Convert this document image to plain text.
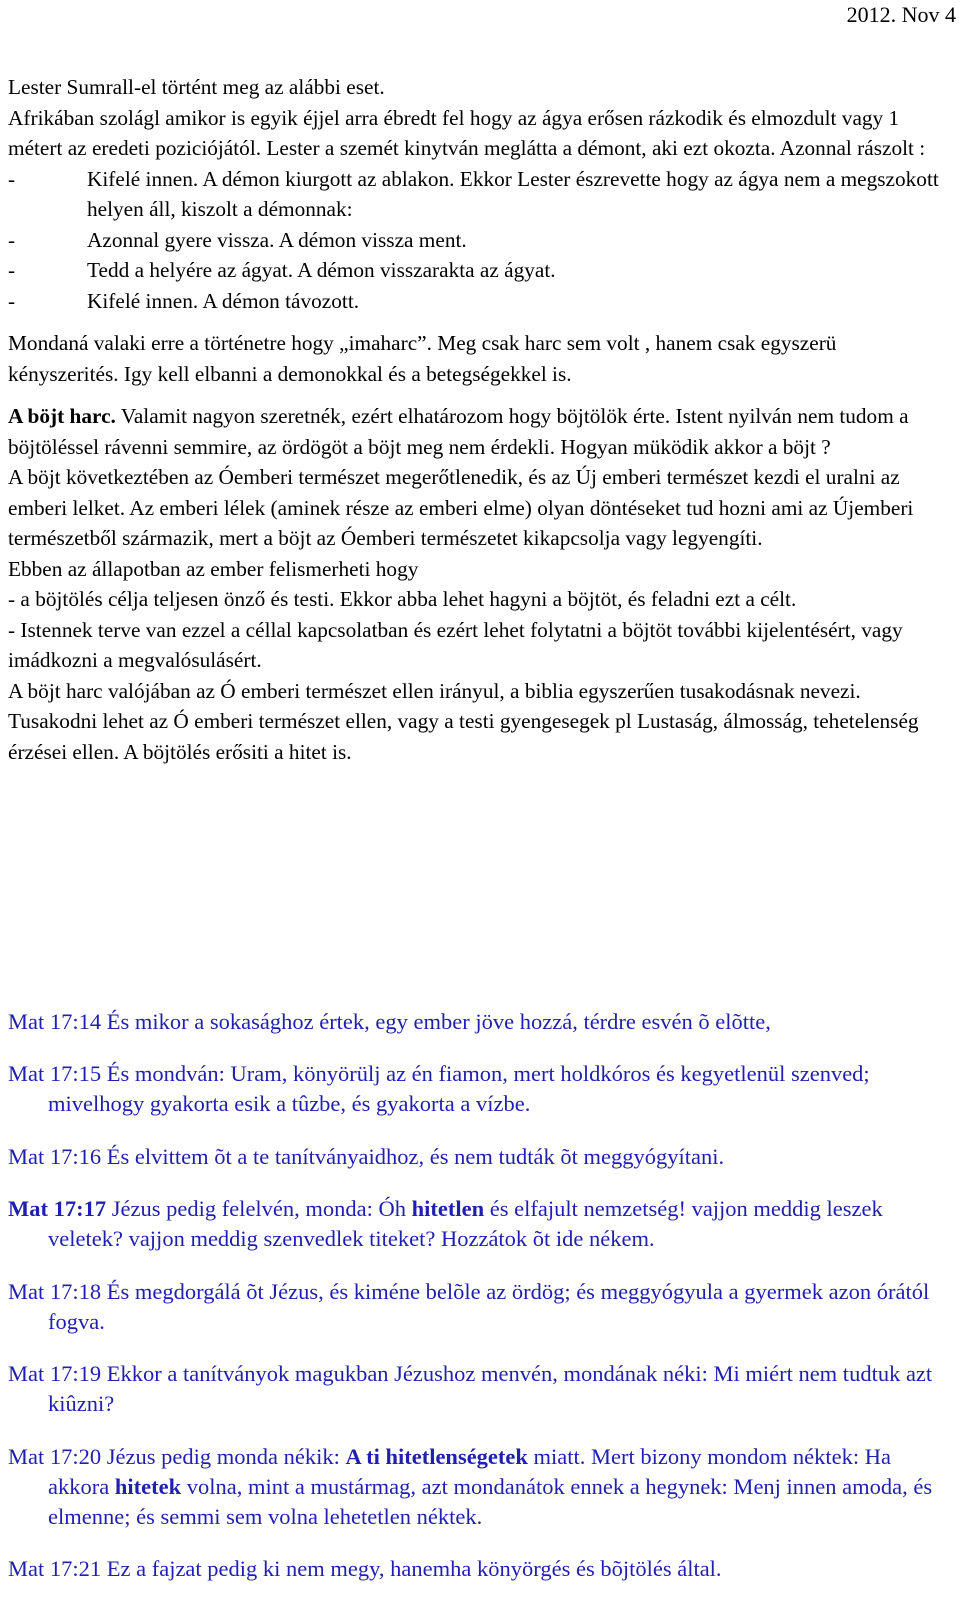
2012. Nov 4

Lester Sumrall-el történt meg az alábbi eset.

Afrikában szolágl amikor is egyik éjjel arra ébredt fel hogy az ágya erősen rázkodik és elmozdult vagy 1 métert az eredeti poziciójától. Lester a szemét kinytván meglátta a démont, aki ezt okozta. Azonnal rászolt :

-	Kifelé innen. A démon kiurgott az ablakon. Ekkor Lester észrevette hogy az ágya nem a megszokott helyen áll, kiszolt a démonnak:
-	Azonnal gyere vissza. A démon vissza ment.
-	Tedd a helyére az ágyat. A démon visszarakta az ágyat.
-	Kifelé innen. A démon távozott.

Mondaná valaki erre a történetre hogy „imaharc”. Meg csak harc sem volt , hanem csak egyszerü kényszerités. Igy kell elbanni a demonokkal és a betegségekkel is.

A böjt harc. Valamit nagyon szeretnék, ezért elhatározom hogy böjtölök érte. Istent nyilván nem tudom a böjtöléssel rávenni semmire, az ördögöt a böjt meg nem érdekli. Hogyan müködik akkor a böjt ?

A böjt következtében az Óemberi természet megerőtlenedik, és az Új emberi természet kezdi el uralni az emberi lelket. Az emberi lélek (aminek része az emberi elme) olyan döntéseket tud hozni ami az Újemberi természetből származik, mert a böjt az Óemberi természetet kikapcsolja vagy legyengíti.

Ebben az állapotban az ember felismerheti hogy

- a böjtölés célja teljesen önző és testi. Ekkor abba lehet hagyni a böjtöt, és feladni ezt a célt.

- Istennek terve van ezzel a céllal kapcsolatban és ezért lehet folytatni a böjtöt további kijelentésért, vagy imádkozni a megvalósulásért.

A böjt harc valójában az Ó emberi természet ellen irányul, a biblia egyszerűen tusakodásnak nevezi. Tusakodni lehet az Ó emberi természet ellen, vagy a testi gyengesegek pl Lustaság, álmosság, tehetelenség érzései ellen. A böjtölés erősiti a hitet is.

Mat 17:14 És mikor a sokasághoz értek, egy ember jöve hozzá, térdre esvén õ elõtte,

Mat 17:15 És mondván: Uram, könyörülj az én fiamon, mert holdkóros és kegyetlenül szenved; mivelhogy gyakorta esik a tûzbe, és gyakorta a vízbe.

Mat 17:16 És elvittem õt a te tanítványaidhoz, és nem tudták õt meggyógyítani.

Mat 17:17 Jézus pedig felelvén, monda: Óh hitetlen és elfajult nemzetség! vajjon meddig leszek veletek? vajjon meddig szenvedlek titeket? Hozzátok õt ide nékem.

Mat 17:18 És megdorgálá õt Jézus, és kiméne belõle az ördög; és meggyógyula a gyermek azon órától fogva.

Mat 17:19 Ekkor a tanítványok magukban Jézushoz menvén, mondának néki: Mi miért nem tudtuk azt kiûzni?

Mat 17:20 Jézus pedig monda nékik: A ti hitetlenségetek miatt. Mert bizony mondom néktek: Ha akkora hitetek volna, mint a mustármag, azt mondanátok ennek a hegynek: Menj innen amoda, és elmenne; és semmi sem volna lehetetlen néktek.

Mat 17:21 Ez a fajzat pedig ki nem megy, hanemha könyörgés és bõjtölés által.
